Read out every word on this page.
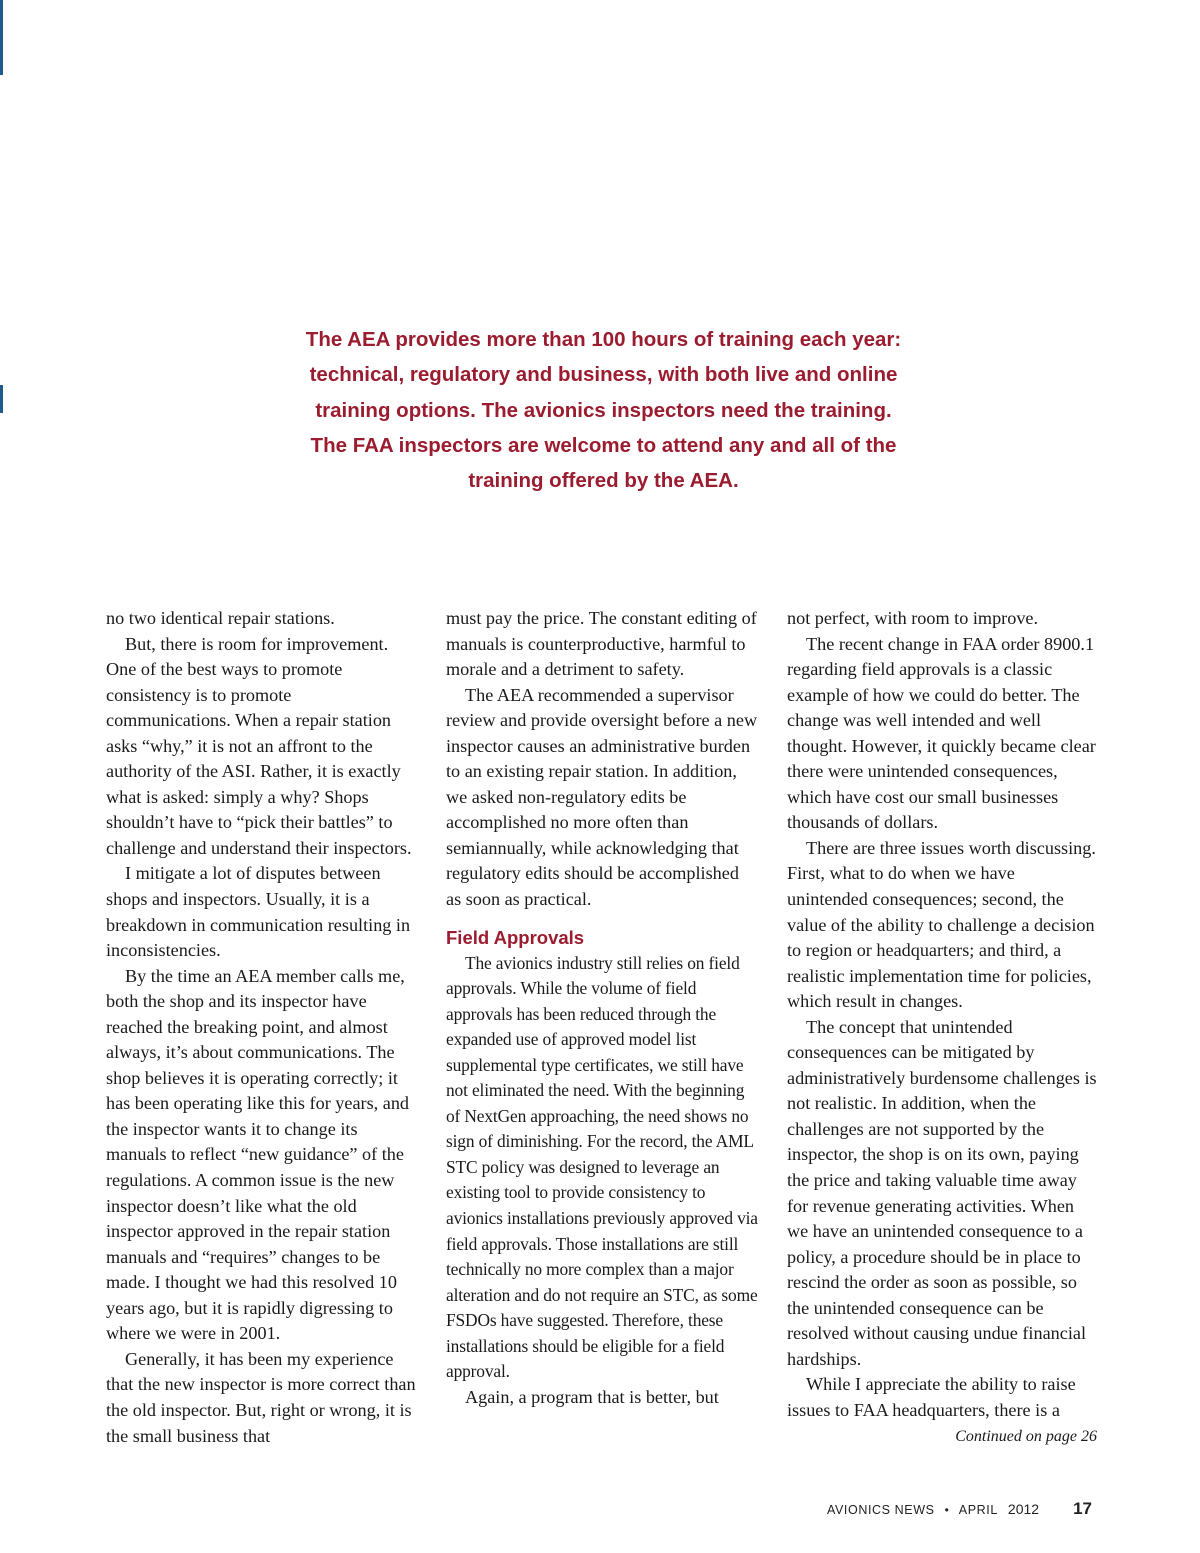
The AEA provides more than 100 hours of training each year: technical, regulatory and business, with both live and online training options. The avionics inspectors need the training. The FAA inspectors are welcome to attend any and all of the training offered by the AEA.

no two identical repair stations.

But, there is room for improvement. One of the best ways to promote consistency is to promote communications. When a repair station asks “why,” it is not an affront to the authority of the ASI. Rather, it is exactly what is asked: simply a why? Shops shouldn’t have to “pick their battles” to challenge and understand their inspectors.

I mitigate a lot of disputes between shops and inspectors. Usually, it is a breakdown in communication resulting in inconsistencies.

By the time an AEA member calls me, both the shop and its inspector have reached the breaking point, and almost always, it’s about communications. The shop believes it is operating correctly; it has been operating like this for years, and the inspector wants it to change its manuals to reflect “new guidance” of the regulations. A common issue is the new inspector doesn’t like what the old inspector approved in the repair station manuals and “requires” changes to be made. I thought we had this resolved 10 years ago, but it is rapidly digressing to where we were in 2001.

Generally, it has been my experience that the new inspector is more correct than the old inspector. But, right or wrong, it is the small business that

must pay the price. The constant editing of manuals is counterproductive, harmful to morale and a detriment to safety.

The AEA recommended a supervisor review and provide oversight before a new inspector causes an administrative burden to an existing repair station. In addition, we asked non-regulatory edits be accomplished no more often than semiannually, while acknowledging that regulatory edits should be accomplished as soon as practical.

Field Approvals

The avionics industry still relies on field approvals. While the volume of field approvals has been reduced through the expanded use of approved model list supplemental type certificates, we still have not eliminated the need. With the beginning of NextGen approaching, the need shows no sign of diminishing. For the record, the AML STC policy was designed to leverage an existing tool to provide consistency to avionics installations previously approved via field approvals. Those installations are still technically no more complex than a major alteration and do not require an STC, as some FSDOs have suggested. Therefore, these installations should be eligible for a field approval.

Again, a program that is better, but

not perfect, with room to improve.

The recent change in FAA order 8900.1 regarding field approvals is a classic example of how we could do better. The change was well intended and well thought. However, it quickly became clear there were unintended consequences, which have cost our small businesses thousands of dollars.

There are three issues worth discussing. First, what to do when we have unintended consequences; second, the value of the ability to challenge a decision to region or headquarters; and third, a realistic implementation time for policies, which result in changes.

The concept that unintended consequences can be mitigated by administratively burdensome challenges is not realistic. In addition, when the challenges are not supported by the inspector, the shop is on its own, paying the price and taking valuable time away for revenue generating activities. When we have an unintended consequence to a policy, a procedure should be in place to rescind the order as soon as possible, so the unintended consequence can be resolved without causing undue financial hardships.

While I appreciate the ability to raise issues to FAA headquarters, there is a

Continued on page 26

AVIONICS NEWS • APRIL 2012 17
